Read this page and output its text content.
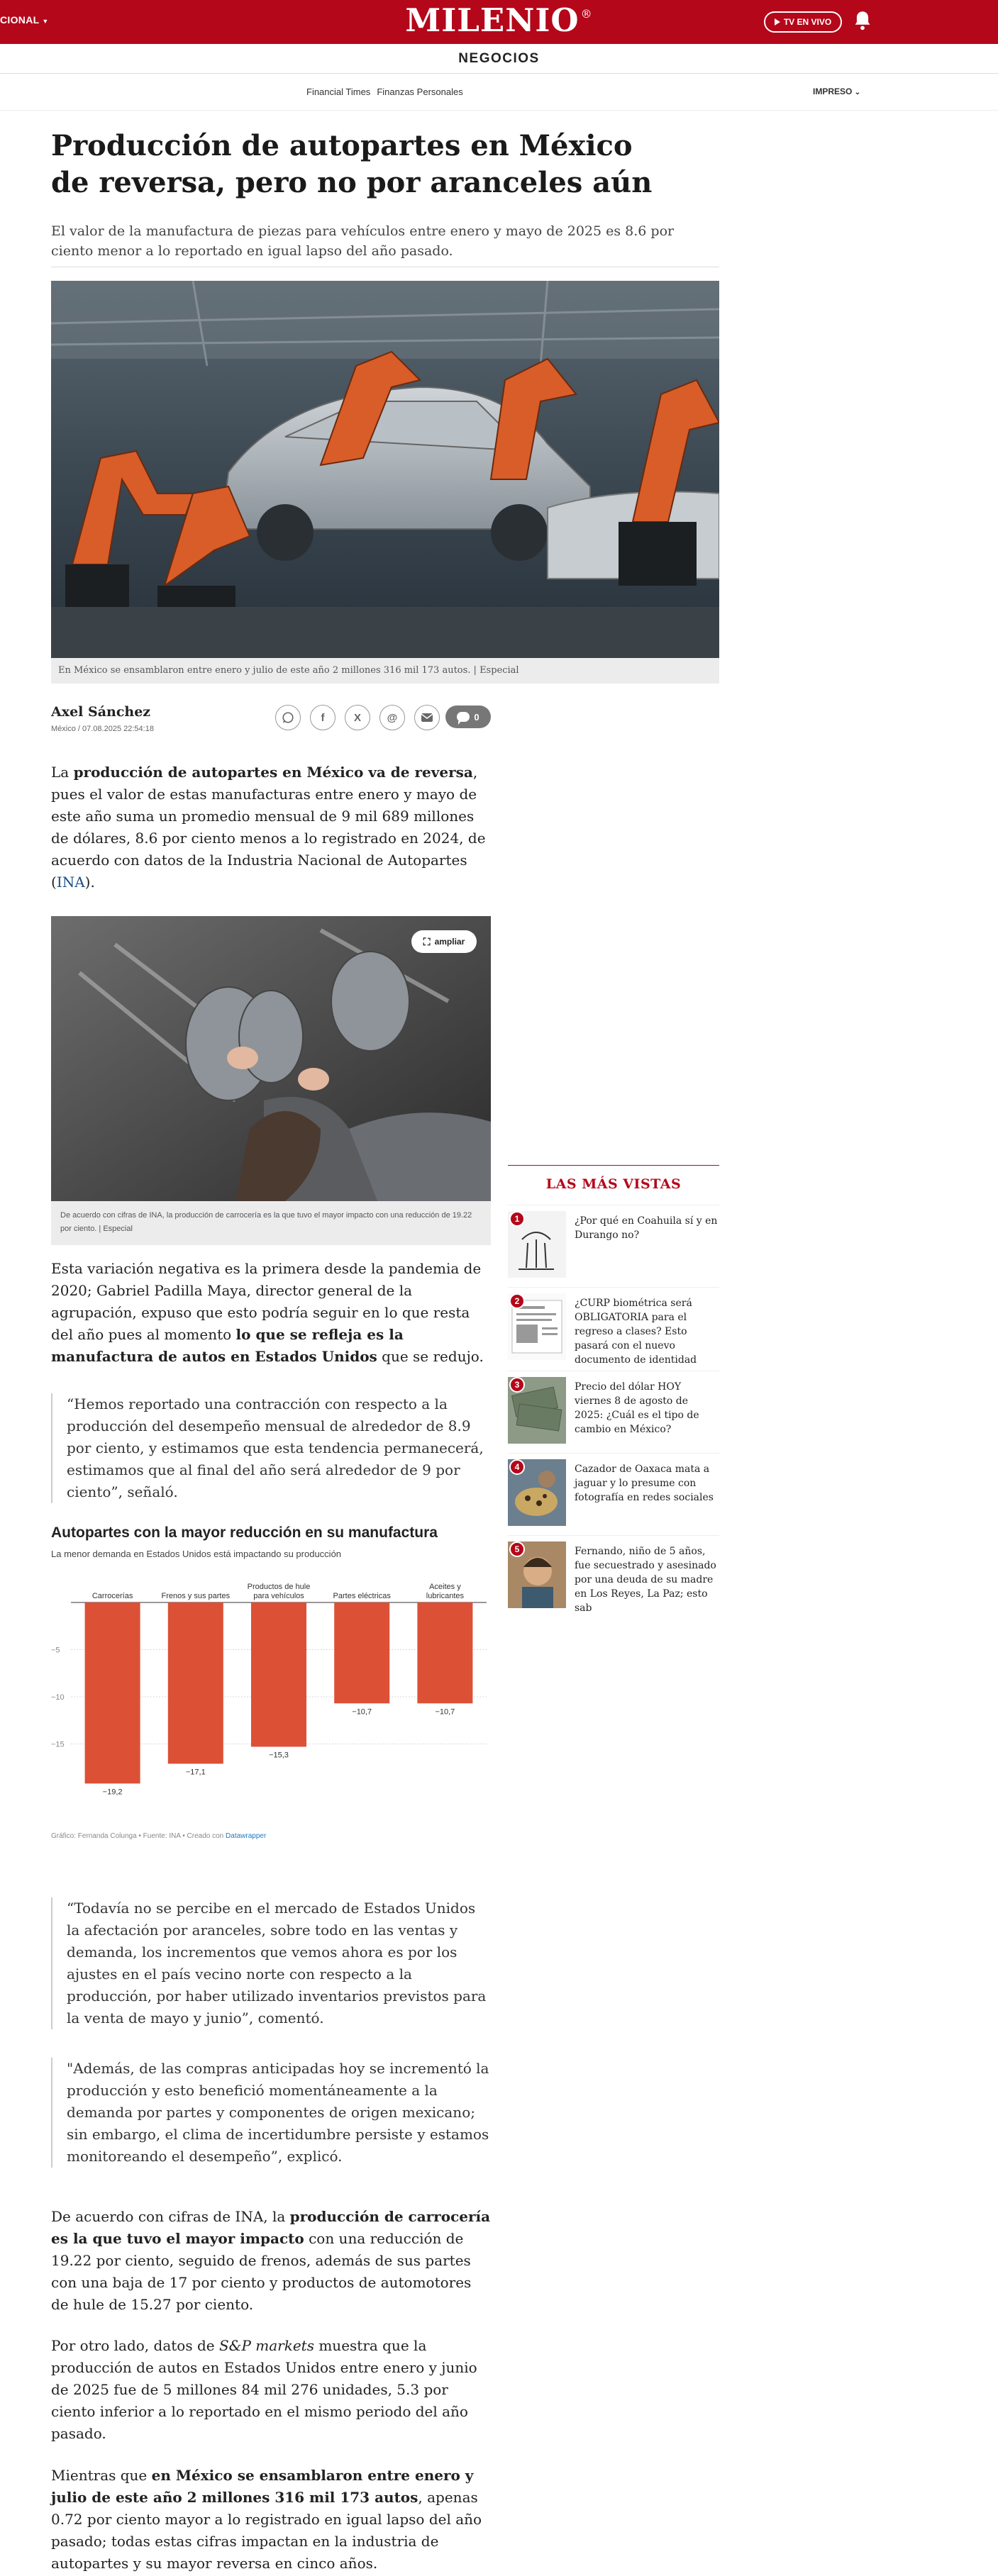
CIONAL ▼	MILENIO ®
TV EN VIVO
NEGOCIOS
Financial Times Finanzas Personales	IMPRESO ⌄
Producción de autopartes en México de reversa, pero no por aranceles aún

El valor de la manufactura de piezas para vehículos entre enero y mayo de 2025 es 8.6 por ciento menor a lo reportado en igual lapso del año pasado.

En México se ensamblaron entre enero y julio de este año 2 millones 316 mil 173 autos. | Especial
Axel Sánchez
México / 07.08.2025 22:54:18
f	X	@	0

La producción de autopartes en México va de reversa, pues el valor de estas manufacturas entre enero y mayo de este año suma un promedio mensual de 9 mil 689 millones de dólares, 8.6 por ciento menos a lo registrado en 2024, de acuerdo con datos de la Industria Nacional de Autopartes (INA).

⛶ ampliar
De acuerdo con cifras de INA, la producción de carrocería es la que tuvo el mayor impacto con una reducción de 19.22 por ciento. | Especial

Esta variación negativa es la primera desde la pandemia de 2020; Gabriel Padilla Maya, director general de la agrupación, expuso que esto podría seguir en lo que resta del año pues al momento lo que se refleja es la manufactura de autos en Estados Unidos que se redujo.

“Hemos reportado una contracción con respecto a la producción del desempeño mensual de alrededor de 8.9 por ciento, y estimamos que esta tendencia permanecerá, estimamos que al final del año será alrededor de 9 por ciento”, señaló.
Autopartes con la mayor reducción en su manufactura
La menor demanda en Estados Unidos está impactando su producción
−5
−10
−15
Carrocerías
−19,2
Frenos y sus partes
−17,1
Productos de hule
para vehículos
−15,3
Partes eléctricas
−10,7
Aceites y
lubricantes
−10,7
Gráfico: Fernanda Colunga • Fuente: INA • Creado con Datawrapper
“Todavía no se percibe en el mercado de Estados Unidos la afectación por aranceles, sobre todo en las ventas y demanda, los incrementos que vemos ahora es por los ajustes en el país vecino norte con respecto a la producción, por haber utilizado inventarios previstos para la venta de mayo y junio”, comentó.
"Además, de las compras anticipadas hoy se incrementó la producción y esto benefició momentáneamente a la demanda por partes y componentes de origen mexicano; sin embargo, el clima de incertidumbre persiste y estamos monitoreando el desempeño”, explicó.

De acuerdo con cifras de INA, la producción de carrocería es la que tuvo el mayor impacto con una reducción de 19.22 por ciento, seguido de frenos, además de sus partes con una baja de 17 por ciento y productos de automotores de hule de 15.27 por ciento.

Por otro lado, datos de S&P markets muestra que la producción de autos en Estados Unidos entre enero y junio de 2025 fue de 5 millones 84 mil 276 unidades, 5.3 por ciento inferior a lo reportado en el mismo periodo del año pasado.

Mientras que en México se ensamblaron entre enero y julio de este año 2 millones 316 mil 173 autos, apenas 0.72 por ciento mayor a lo registrado en igual lapso del año pasado; todas estas cifras impactan en la industria de autopartes y su mayor reversa en cinco años.

LAS MÁS VISTAS
1	¿Por qué en Coahuila sí y en Durango no?
2	¿CURP biométrica será OBLIGATORIA para el regreso a clases? Esto pasará con el nuevo documento de identidad
3	Precio del dólar HOY viernes 8 de agosto de 2025: ¿Cuál es el tipo de cambio en México?
4	Cazador de Oaxaca mata a jaguar y lo presume con fotografía en redes sociales
5	Fernando, niño de 5 años, fue secuestrado y asesinado por una deuda de su madre en Los Reyes, La Paz; esto sab
